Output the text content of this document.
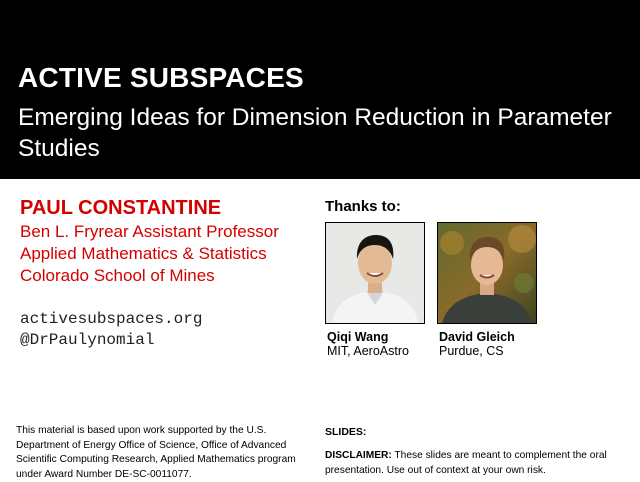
ACTIVE SUBSPACES
Emerging Ideas for Dimension Reduction in Parameter Studies
PAUL CONSTANTINE
Ben L. Fryrear Assistant Professor
Applied Mathematics & Statistics
Colorado School of Mines
activesubspaces.org
@DrPaulynomial
Thanks to:
Qiqi Wang
MIT, AeroAstro
David Gleich
Purdue, CS
This material is based upon work supported by the U.S. Department of Energy Office of Science, Office of Advanced Scientific Computing Research, Applied Mathematics program under Award Number DE-SC-0011077.
SLIDES:
DISCLAIMER: These slides are meant to complement the oral presentation. Use out of context at your own risk.
